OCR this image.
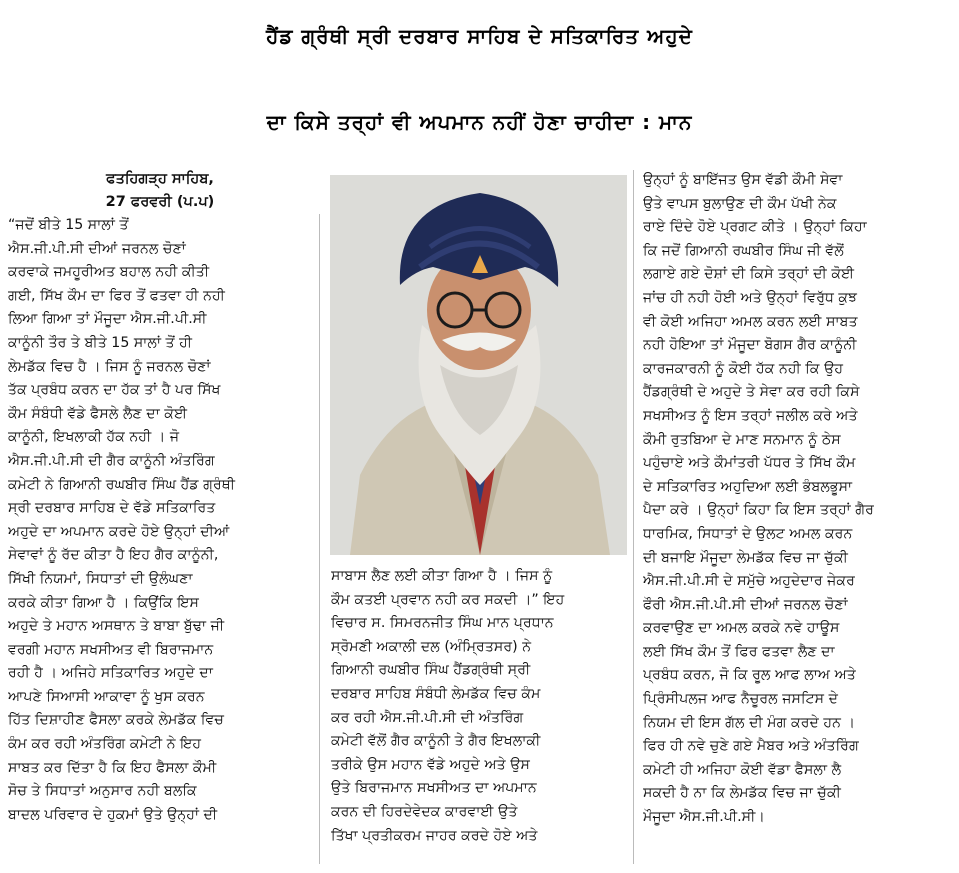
ਹੈਂਡ ਗ੍ਰੰਥੀ ਸ੍ਰੀ ਦਰਬਾਰ ਸਾਹਿਬ ਦੇ ਸਤਿਕਾਰਿਤ ਅਹੁਦੇ
ਦਾ ਕਿਸੇ ਤਰ੍ਹਾਂ ਵੀ ਅਪਮਾਨ ਨਹੀਂ ਹੋਣਾ ਚਾਹੀਦਾ : ਮਾਨ
ਫਤਹਿਗੜ੍ਹ ਸਾਹਿਬ,
27 ਫਰਵਰੀ (ਪ.ਪ)
“ਜਦੋਂ ਬੀਤੇ 15 ਸਾਲਾਂ ਤੋਂ
ਐਸ.ਜੀ.ਪੀ.ਸੀ ਦੀਆਂ ਜਰਨਲ ਚੋਣਾਂ
ਕਰਵਾਕੇ ਜਮਹੂਰੀਅਤ ਬਹਾਲ ਨਹੀ ਕੀਤੀ
ਗਈ, ਸਿੱਖ ਕੌਮ ਦਾ ਫਿਰ ਤੋਂ ਫਤਵਾ ਹੀ ਨਹੀ
ਲਿਆ ਗਿਆ ਤਾਂ ਮੌਜੂਦਾ ਐਸ.ਜੀ.ਪੀ.ਸੀ
ਕਾਨੂੰਨੀ ਤੌਰ ਤੇ ਬੀਤੇ 15 ਸਾਲਾਂ ਤੋਂ ਹੀ
ਲੇਮਡੱਕ ਵਿਚ ਹੈ । ਜਿਸ ਨੂੰ ਜਰਨਲ ਚੋਣਾਂ
ਤੱਕ ਪ੍ਰਬੰਧ ਕਰਨ ਦਾ ਹੱਕ ਤਾਂ ਹੈ ਪਰ ਸਿੱਖ
ਕੌਮ ਸੰਬੰਧੀ ਵੱਡੇ ਫੈਸਲੇ ਲੈਣ ਦਾ ਕੋਈ
ਕਾਨੂੰਨੀ, ਇਖਲਾਕੀ ਹੱਕ ਨਹੀ । ਜੋ
ਐਸ.ਜੀ.ਪੀ.ਸੀ ਦੀ ਗੈਰ ਕਾਨੂੰਨੀ ਅੰਤਰਿੰਗ
ਕਮੇਟੀ ਨੇ ਗਿਆਨੀ ਰਘਬੀਰ ਸਿੰਘ ਹੈਂਡ ਗ੍ਰੰਥੀ
ਸ੍ਰੀ ਦਰਬਾਰ ਸਾਹਿਬ ਦੇ ਵੱਡੇ ਸਤਿਕਾਰਿਤ
ਅਹੁਦੇ ਦਾ ਅਪਮਾਨ ਕਰਦੇ ਹੋਏ ਉਨ੍ਹਾਂ ਦੀਆਂ
ਸੇਵਾਵਾਂ ਨੂੰ ਰੱਦ ਕੀਤਾ ਹੈ ਇਹ ਗੈਰ ਕਾਨੂੰਨੀ,
ਸਿੱਖੀ ਨਿਯਮਾਂ, ਸਿਧਾਤਾਂ ਦੀ ਉਲੰਘਣਾ
ਕਰਕੇ ਕੀਤਾ ਗਿਆ ਹੈ । ਕਿਉਂਕਿ ਇਸ
ਅਹੁਦੇ ਤੇ ਮਹਾਨ ਅਸਥਾਨ ਤੇ ਬਾਬਾ ਬੁੱਢਾ ਜੀ
ਵਰਗੀ ਮਹਾਨ ਸਖਸੀਅਤ ਵੀ ਬਿਰਾਜਮਾਨ
ਰਹੀ ਹੈ । ਅਜਿਹੇ ਸਤਿਕਾਰਿਤ ਅਹੁਦੇ ਦਾ
ਆਪਣੇ ਸਿਆਸੀ ਆਕਾਵਾ ਨੂੰ ਖੁਸ ਕਰਨ
ਹਿੱਤ ਦਿਸ਼ਾਹੀਣ ਫੈਸਲਾ ਕਰਕੇ ਲੇਮਡੱਕ ਵਿਚ
ਕੰਮ ਕਰ ਰਹੀ ਅੰਤਰਿੰਗ ਕਮੇਟੀ ਨੇ ਇਹ
ਸਾਬਤ ਕਰ ਦਿੱਤਾ ਹੈ ਕਿ ਇਹ ਫੈਸਲਾ ਕੌਮੀ
ਸੋਚ ਤੇ ਸਿਧਾਤਾਂ ਅਨੁਸਾਰ ਨਹੀ ਬਲਕਿ
ਬਾਦਲ ਪਰਿਵਾਰ ਦੇ ਹੁਕਮਾਂ ਉਤੇ ਉਨ੍ਹਾਂ ਦੀ
ਸਾਬਾਸ ਲੈਣ ਲਈ ਕੀਤਾ ਗਿਆ ਹੈ । ਜਿਸ ਨੂੰ
ਕੌਮ ਕਤਈ ਪ੍ਰਵਾਨ ਨਹੀ ਕਰ ਸਕਦੀ ।” ਇਹ
ਵਿਚਾਰ ਸ. ਸਿਮਰਨਜੀਤ ਸਿੰਘ ਮਾਨ ਪ੍ਰਧਾਨ
ਸ੍ਰੋਮਣੀ ਅਕਾਲੀ ਦਲ (ਅੰਮ੍ਰਿਤਸਰ) ਨੇ
ਗਿਆਨੀ ਰਘਬੀਰ ਸਿੰਘ ਹੈਂਡਗ੍ਰੰਥੀ ਸ੍ਰੀ
ਦਰਬਾਰ ਸਾਹਿਬ ਸੰਬੰਧੀ ਲੇਮਡੱਕ ਵਿਚ ਕੰਮ
ਕਰ ਰਹੀ ਐਸ.ਜੀ.ਪੀ.ਸੀ ਦੀ ਅੰਤਰਿੰਗ
ਕਮੇਟੀ ਵੱਲੋਂ ਗੈਰ ਕਾਨੂੰਨੀ ਤੇ ਗੈਰ ਇਖਲਾਕੀ
ਤਰੀਕੇ ਉਸ ਮਹਾਨ ਵੱਡੇ ਅਹੁਦੇ ਅਤੇ ਉਸ
ਉਤੇ ਬਿਰਾਜਮਾਨ ਸਖਸੀਅਤ ਦਾ ਅਪਮਾਨ
ਕਰਨ ਦੀ ਹਿਰਦੇਵੇਦਕ ਕਾਰਵਾਈ ਉਤੇ
ਤਿੱਖਾ ਪ੍ਰਤੀਕਰਮ ਜਾਹਰ ਕਰਦੇ ਹੋਏ ਅਤੇ
ਉਨ੍ਹਾਂ ਨੂੰ ਬਾਇੱਜਤ ਉਸ ਵੱਡੀ ਕੌਮੀ ਸੇਵਾ
ਉਤੇ ਵਾਪਸ ਬੁਲਾਉਣ ਦੀ ਕੌਮ ਪੱਖੀ ਨੇਕ
ਰਾਏ ਦਿੰਦੇ ਹੋਏ ਪ੍ਰਗਟ ਕੀਤੇ । ਉਨ੍ਹਾਂ ਕਿਹਾ
ਕਿ ਜਦੋਂ ਗਿਆਨੀ ਰਘਬੀਰ ਸਿੰਘ ਜੀ ਵੱਲੋਂ
ਲਗਾਏ ਗਏ ਦੋਸ਼ਾਂ ਦੀ ਕਿਸੇ ਤਰ੍ਹਾਂ ਦੀ ਕੋਈ
ਜਾਂਚ ਹੀ ਨਹੀ ਹੋਈ ਅਤੇ ਉਨ੍ਹਾਂ ਵਿਰੁੱਧ ਕੁਝ
ਵੀ ਕੋਈ ਅਜਿਹਾ ਅਮਲ ਕਰਨ ਲਈ ਸਾਬਤ
ਨਹੀ ਹੋਇਆ ਤਾਂ ਮੌਜੂਦਾ ਬੋਗਸ ਗੈਰ ਕਾਨੂੰਨੀ
ਕਾਰਜਕਾਰਨੀ ਨੂੰ ਕੋਈ ਹੱਕ ਨਹੀ ਕਿ ਉਹ
ਹੈਂਡਗ੍ਰੰਥੀ ਦੇ ਅਹੁਦੇ ਤੇ ਸੇਵਾ ਕਰ ਰਹੀ ਕਿਸੇ
ਸਖਸੀਅਤ ਨੂੰ ਇਸ ਤਰ੍ਹਾਂ ਜਲੀਲ ਕਰੇ ਅਤੇ
ਕੌਮੀ ਰੁਤਬਿਆ ਦੇ ਮਾਣ ਸਨਮਾਨ ਨੂੰ ਠੇਸ
ਪਹੁੰਚਾਏ ਅਤੇ ਕੌਮਾਂਤਰੀ ਪੱਧਰ ਤੇ ਸਿੱਖ ਕੌਮ
ਦੇ ਸਤਿਕਾਰਿਤ ਅਹੁਦਿਆ ਲਈ ਭੰਬਲਭੂਸਾ
ਪੈਦਾ ਕਰੇ । ਉਨ੍ਹਾਂ ਕਿਹਾ ਕਿ ਇਸ ਤਰ੍ਹਾਂ ਗੈਰ
ਧਾਰਮਿਕ, ਸਿਧਾਤਾਂ ਦੇ ਉਲਟ ਅਮਲ ਕਰਨ
ਦੀ ਬਜਾਇ ਮੌਜੂਦਾ ਲੇਮਡੱਕ ਵਿਚ ਜਾ ਚੁੱਕੀ
ਐਸ.ਜੀ.ਪੀ.ਸੀ ਦੇ ਸਮੁੱਚੇ ਅਹੁਦੇਦਾਰ ਜੇਕਰ
ਫੌਰੀ ਐਸ.ਜੀ.ਪੀ.ਸੀ ਦੀਆਂ ਜਰਨਲ ਚੋਣਾਂ
ਕਰਵਾਉਣ ਦਾ ਅਮਲ ਕਰਕੇ ਨਵੇ ਹਾਊਸ
ਲਈ ਸਿੱਖ ਕੌਮ ਤੋਂ ਫਿਰ ਫਤਵਾ ਲੈਣ ਦਾ
ਪ੍ਰਬੰਧ ਕਰਨ, ਜੋ ਕਿ ਰੂਲ ਆਫ ਲਾਅ ਅਤੇ
ਪ੍ਰਿੰਸੀਪਲਜ ਆਫ ਨੈਚੂਰਲ ਜਸਟਿਸ ਦੇ
ਨਿਯਮ ਦੀ ਇਸ ਗੱਲ ਦੀ ਮੰਗ ਕਰਦੇ ਹਨ ।
ਫਿਰ ਹੀ ਨਵੇ ਚੁਣੇ ਗਏ ਮੈਬਰ ਅਤੇ ਅੰਤਰਿੰਗ
ਕਮੇਟੀ ਹੀ ਅਜਿਹਾ ਕੋਈ ਵੱਡਾ ਫੈਸਲਾ ਲੈ
ਸਕਦੀ ਹੈ ਨਾ ਕਿ ਲੇਮਡੱਕ ਵਿਚ ਜਾ ਚੁੱਕੀ
ਮੌਜੂਦਾ ਐਸ.ਜੀ.ਪੀ.ਸੀ।
